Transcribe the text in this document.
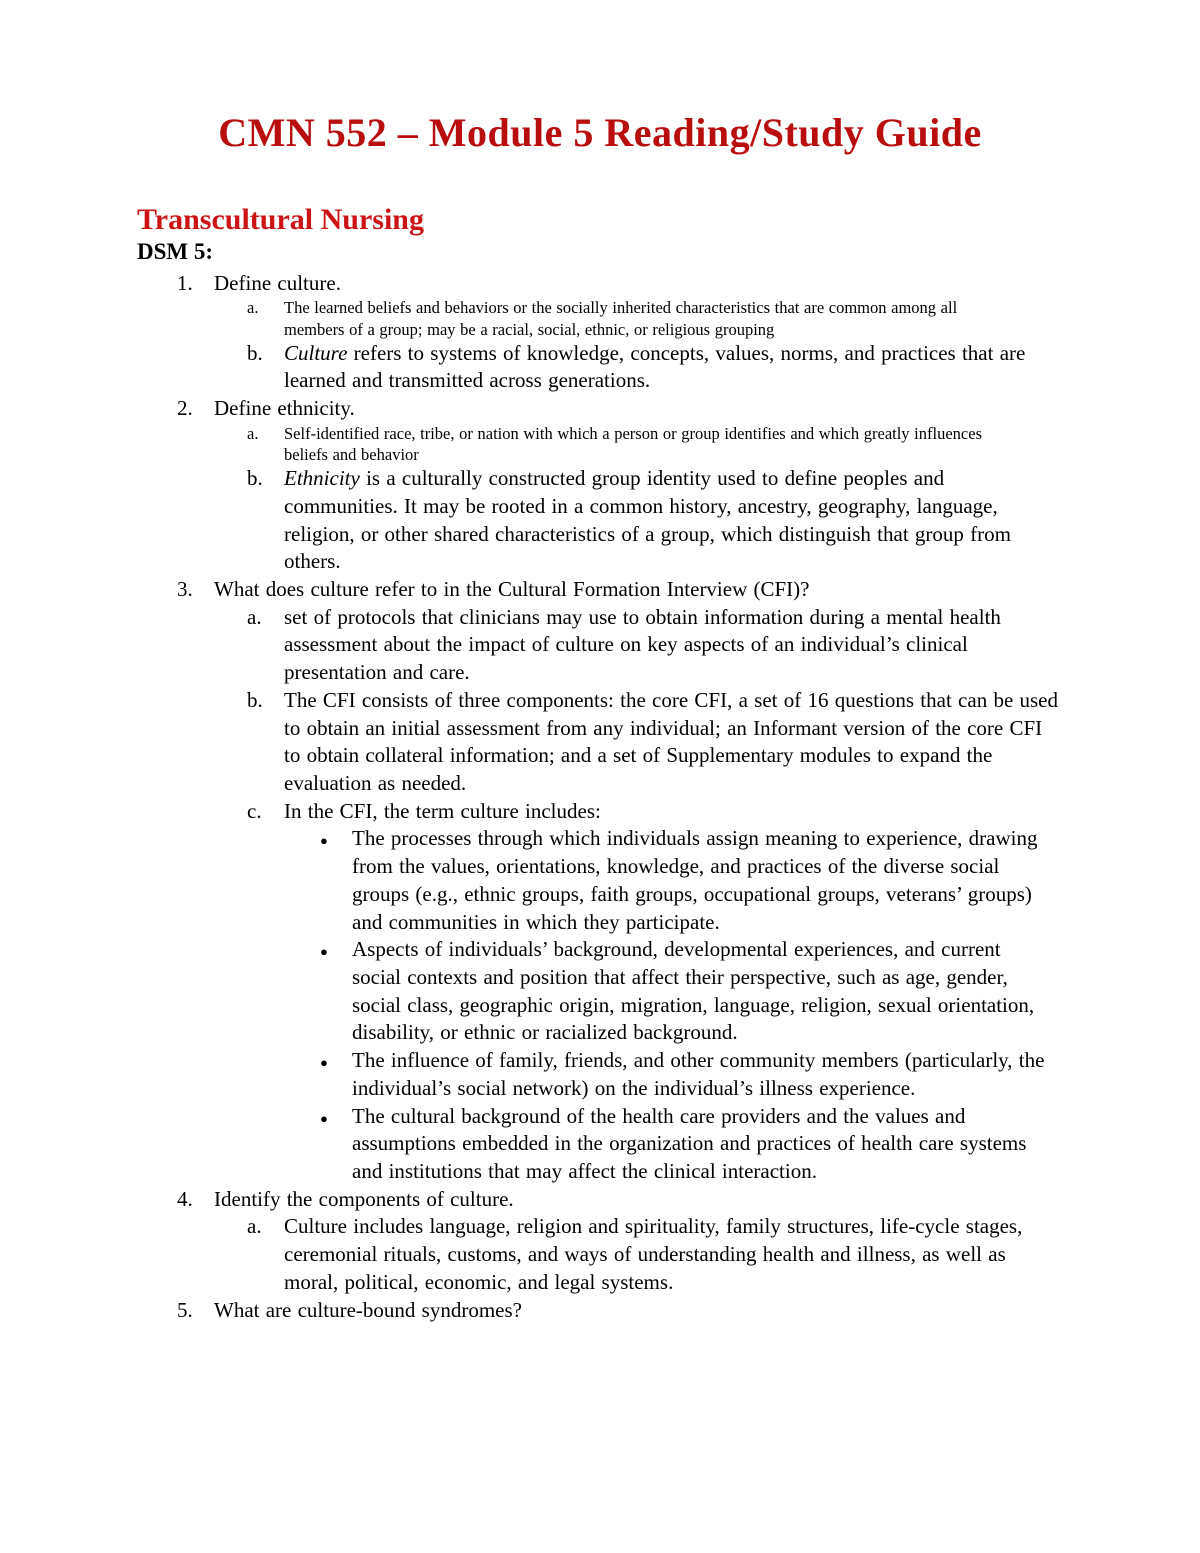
CMN 552 – Module 5 Reading/Study Guide
Transcultural Nursing
DSM 5:
1.	Define culture.
a.	The learned beliefs and behaviors or the socially inherited characteristics that are common among all members of a group; may be a racial, social, ethnic, or religious grouping

b.	Culture refers to systems of knowledge, concepts, values, norms, and practices that are learned and transmitted across generations.

2.	Define ethnicity.
a.	Self-identified race, tribe, or nation with which a person or group identifies and which greatly influences beliefs and behavior

b.	Ethnicity is a culturally constructed group identity used to define peoples and communities. It may be rooted in a common history, ancestry, geography, language, religion, or other shared characteristics of a group, which distinguish that group from others.

3.	What does culture refer to in the Cultural Formation Interview (CFI)?
a.	set of protocols that clinicians may use to obtain information during a mental health assessment about the impact of culture on key aspects of an individual’s clinical presentation and care.

b.	The CFI consists of three components: the core CFI, a set of 16 questions that can be used to obtain an initial assessment from any individual; an Informant version of the core CFI to obtain collateral information; and a set of Supplementary modules to expand the evaluation as needed.

c.	In the CFI, the term culture includes:
●	The processes through which individuals assign meaning to experience, drawing from the values, orientations, knowledge, and practices of the diverse social groups (e.g., ethnic groups, faith groups, occupational groups, veterans’ groups) and communities in which they participate.

●	Aspects of individuals’ background, developmental experiences, and current social contexts and position that affect their perspective, such as age, gender, social class, geographic origin, migration, language, religion, sexual orientation, disability, or ethnic or racialized background.

●	The influence of family, friends, and other community members (particularly, the individual’s social network) on the individual’s illness experience.

●	The cultural background of the health care providers and the values and assumptions embedded in the organization and practices of health care systems and institutions that may affect the clinical interaction.

4.	Identify the components of culture.
a.	Culture includes language, religion and spirituality, family structures, life-cycle stages, ceremonial rituals, customs, and ways of understanding health and illness, as well as moral, political, economic, and legal systems.

5.	What are culture-bound syndromes?
